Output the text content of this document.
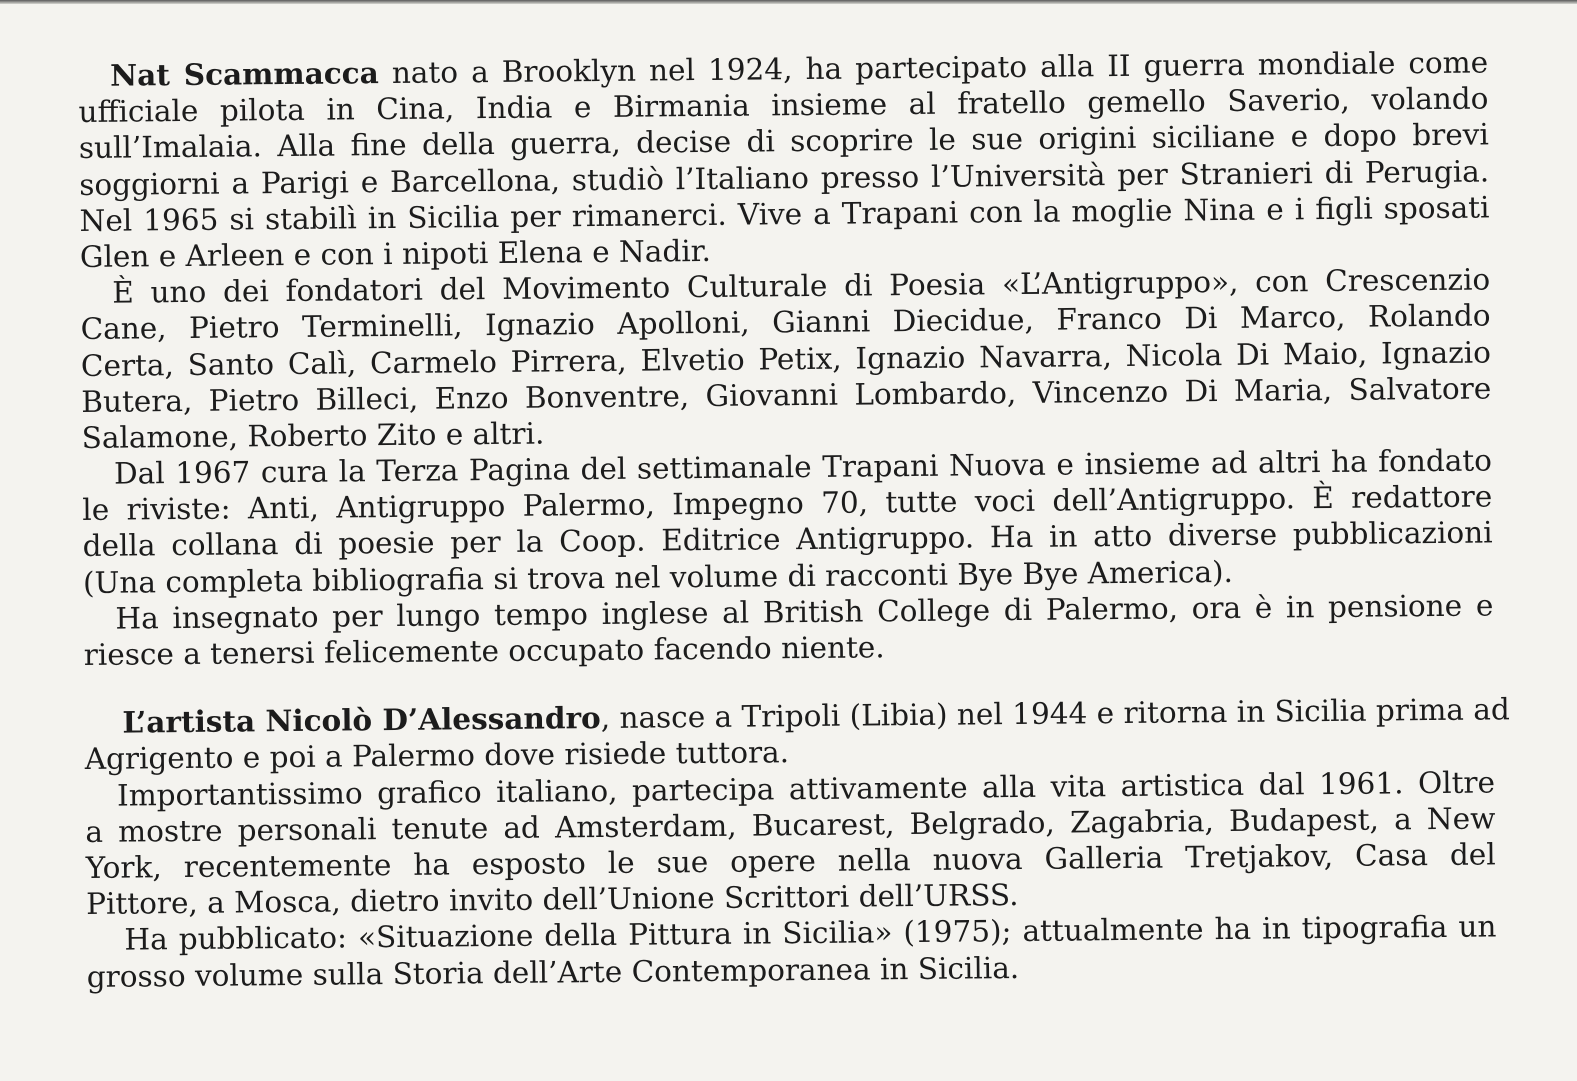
Nat Scammacca nato a Brooklyn nel 1924, ha partecipato alla II guerra mondiale come
ufficiale pilota in Cina, India e Birmania insieme al fratello gemello Saverio, volando
sull’Imalaia. Alla fine della guerra, decise di scoprire le sue origini siciliane e dopo brevi
soggiorni a Parigi e Barcellona, studiò l’Italiano presso l’Università per Stranieri di Perugia.
Nel 1965 si stabilì in Sicilia per rimanerci. Vive a Trapani con la moglie Nina e i figli sposati
Glen e Arleen e con i nipoti Elena e Nadir.
È uno dei fondatori del Movimento Culturale di Poesia «L’Antigruppo», con Crescenzio
Cane, Pietro Terminelli, Ignazio Apolloni, Gianni Diecidue, Franco Di Marco, Rolando
Certa, Santo Calì, Carmelo Pirrera, Elvetio Petix, Ignazio Navarra, Nicola Di Maio, Ignazio
Butera, Pietro Billeci, Enzo Bonventre, Giovanni Lombardo, Vincenzo Di Maria, Salvatore
Salamone, Roberto Zito e altri.
Dal 1967 cura la Terza Pagina del settimanale Trapani Nuova e insieme ad altri ha fondato
le riviste: Anti, Antigruppo Palermo, Impegno 70, tutte voci dell’Antigruppo. È redattore
della collana di poesie per la Coop. Editrice Antigruppo. Ha in atto diverse pubblicazioni
(Una completa bibliografia si trova nel volume di racconti Bye Bye America).
Ha insegnato per lungo tempo inglese al British College di Palermo, ora è in pensione e
riesce a tenersi felicemente occupato facendo niente.
L’artista Nicolò D’Alessandro, nasce a Tripoli (Libia) nel 1944 e ritorna in Sicilia prima ad
Agrigento e poi a Palermo dove risiede tuttora.
Importantissimo grafico italiano, partecipa attivamente alla vita artistica dal 1961. Oltre
a mostre personali tenute ad Amsterdam, Bucarest, Belgrado, Zagabria, Budapest, a New
York, recentemente ha esposto le sue opere nella nuova Galleria Tretjakov, Casa del
Pittore, a Mosca, dietro invito dell’Unione Scrittori dell’URSS.
Ha pubblicato: «Situazione della Pittura in Sicilia» (1975); attualmente ha in tipografia un
grosso volume sulla Storia dell’Arte Contemporanea in Sicilia.
